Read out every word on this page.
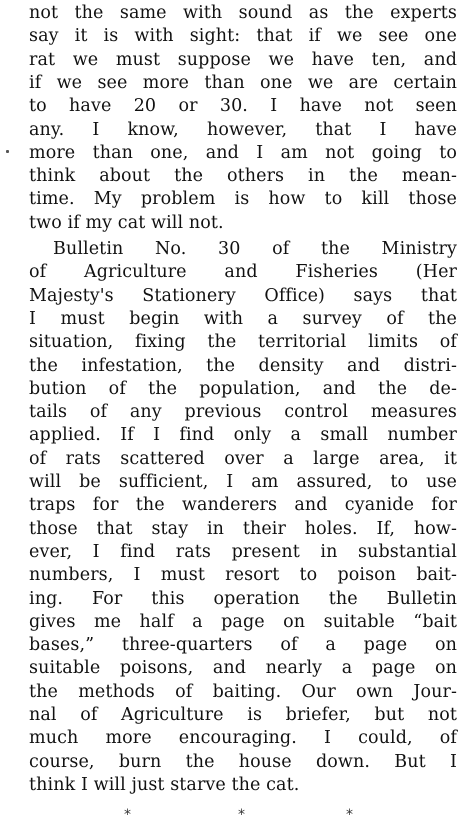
not the same with sound as the experts
say it is with sight: that if we see one
rat we must suppose we have ten, and
if we see more than one we are certain
to have 20 or 30. I have not seen
any. I know, however, that I have
more than one, and I am not going to
think about the others in the mean-
time. My problem is how to kill those
two if my cat will not.
Bulletin No. 30 of the Ministry
of Agriculture and Fisheries (Her
Majesty's Stationery Office) says that
I must begin with a survey of the
situation, fixing the territorial limits of
the infestation, the density and distri-
bution of the population, and the de-
tails of any previous control measures
applied. If I find only a small number
of rats scattered over a large area, it
will be sufficient, I am assured, to use
traps for the wanderers and cyanide for
those that stay in their holes. If, how-
ever, I find rats present in substantial
numbers, I must resort to poison bait-
ing. For this operation the Bulletin
gives me half a page on suitable “bait
bases,” three-quarters of a page on
suitable poisons, and nearly a page on
the methods of baiting. Our own Jour-
nal of Agriculture is briefer, but not
much more encouraging. I could, of
course, burn the house down. But I
think I will just starve the cat.
*	*	*
